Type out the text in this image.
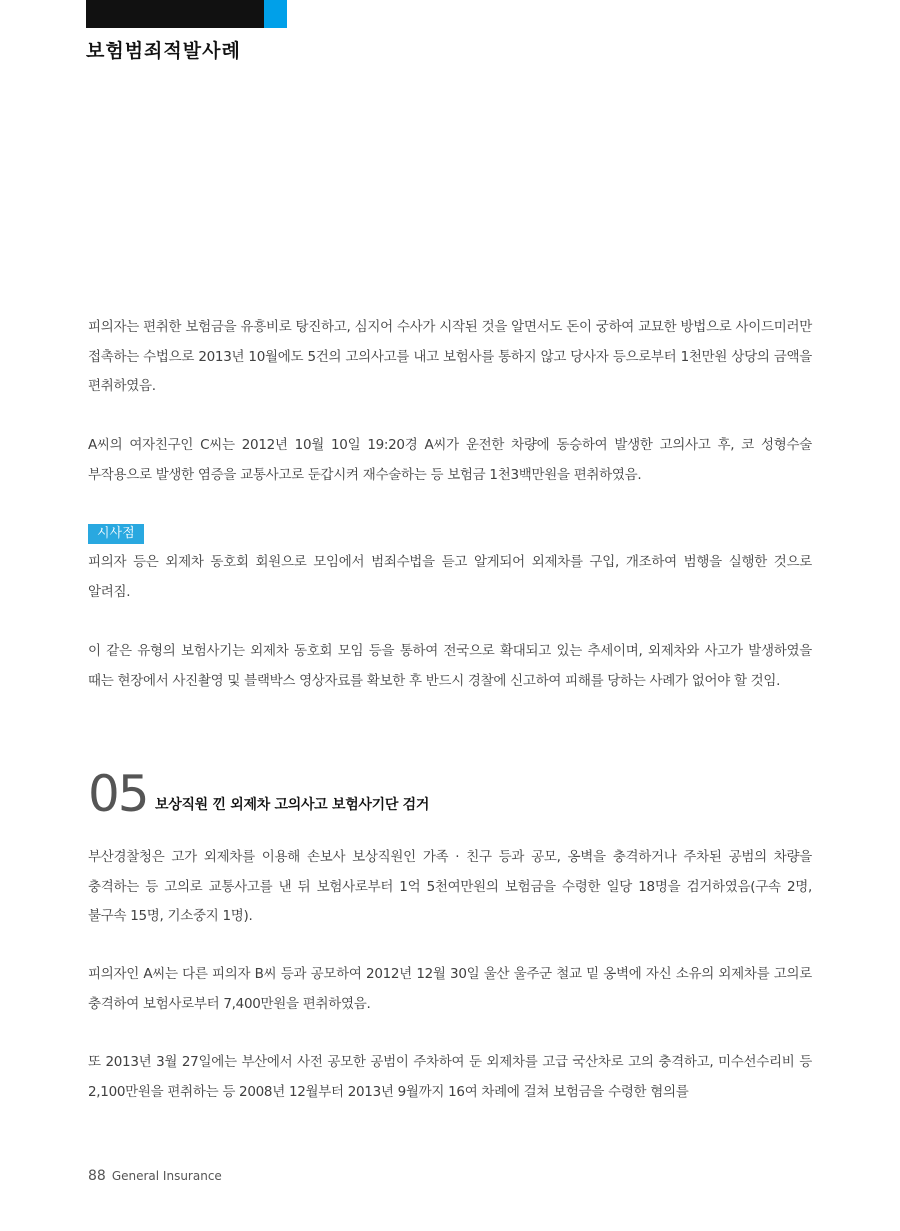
보험범죄적발사례

피의자는 편취한 보험금을 유흥비로 탕진하고, 심지어 수사가 시작된 것을 알면서도 돈이 궁하여 교묘한 방법으로 사이드미러만 접촉하는 수법으로 2013년 10월에도 5건의 고의사고를 내고 보험사를 통하지 않고 당사자 등으로부터 1천만원 상당의 금액을 편취하였음.

A씨의 여자친구인 C씨는 2012년 10월 10일 19:20경 A씨가 운전한 차량에 동승하여 발생한 고의사고 후, 코 성형수술 부작용으로 발생한 염증을 교통사고로 둔갑시켜 재수술하는 등 보험금 1천3백만원을 편취하였음.

시사점

피의자 등은 외제차 동호회 회원으로 모임에서 범죄수법을 듣고 알게되어 외제차를 구입, 개조하여 범행을 실행한 것으로 알려짐.

이 같은 유형의 보험사기는 외제차 동호회 모임 등을 통하여 전국으로 확대되고 있는 추세이며, 외제차와 사고가 발생하였을 때는 현장에서 사진촬영 및 블랙박스 영상자료를 확보한 후 반드시 경찰에 신고하여 피해를 당하는 사례가 없어야 할 것임.

05 보상직원 낀 외제차 고의사고 보험사기단 검거

부산경찰청은 고가 외제차를 이용해 손보사 보상직원인 가족 · 친구 등과 공모, 옹벽을 충격하거나 주차된 공범의 차량을 충격하는 등 고의로 교통사고를 낸 뒤 보험사로부터 1억 5천여만원의 보험금을 수령한 일당 18명을 검거하였음(구속 2명, 불구속 15명, 기소중지 1명).

피의자인 A씨는 다른 피의자 B씨 등과 공모하여 2012년 12월 30일 울산 울주군 철교 밑 옹벽에 자신 소유의 외제차를 고의로 충격하여 보험사로부터 7,400만원을 편취하였음.

또 2013년 3월 27일에는 부산에서 사전 공모한 공범이 주차하여 둔 외제차를 고급 국산차로 고의 충격하고, 미수선수리비 등 2,100만원을 편취하는 등 2008년 12월부터 2013년 9월까지 16여 차례에 걸쳐 보험금을 수령한 혐의를

88 General Insurance
